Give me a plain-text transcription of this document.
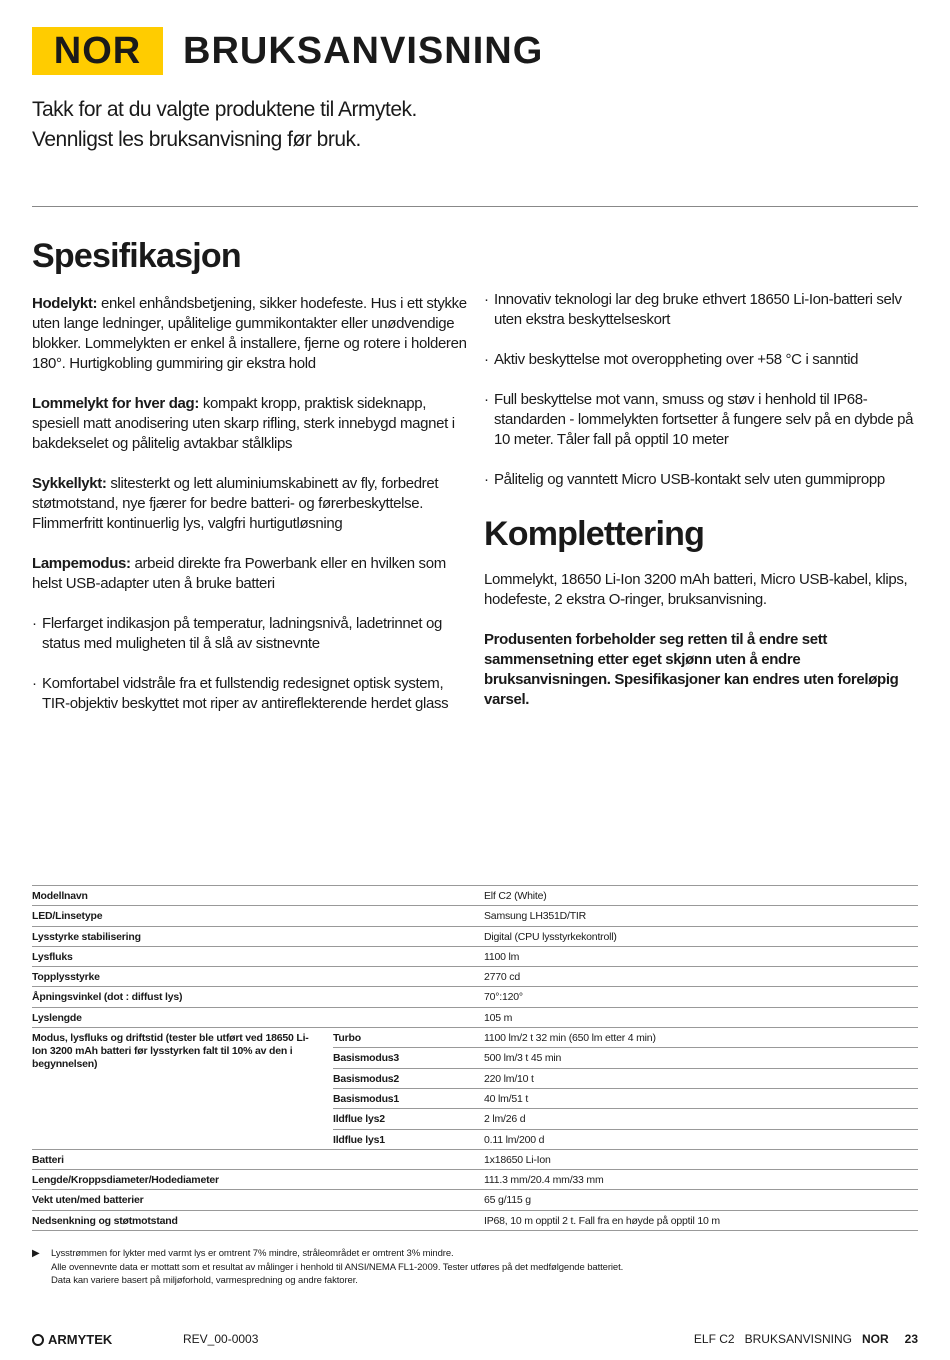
NOR	BRUKSANVISNING
Takk for at du valgte produktene til Armytek.
Vennligst les bruksanvisning før bruk.
Spesifikasjon

Hodelykt: enkel enhåndsbetjening, sikker hodefeste. Hus i ett stykke uten lange ledninger, upålitelige gummikontakter eller unødvendige blokker. Lommelykten er enkel å installere, fjerne og rotere i holderen 180°. Hurtigkobling gummiring gir ekstra hold

Lommelykt for hver dag: kompakt kropp, praktisk sideknapp, spesiell matt anodisering uten skarp rifling, sterk innebygd magnet i bakdekselet og pålitelig avtakbar stålklips

Sykkellykt: slitesterkt og lett aluminiumskabinett av fly, forbedret støtmotstand, nye fjærer for bedre batteri- og førerbeskyttelse. Flimmerfritt kontinuerlig lys, valgfri hurtigutløsning

Lampemodus: arbeid direkte fra Powerbank eller en hvilken som helst USB-adapter uten å bruke batteri

· Flerfarget indikasjon på temperatur, ladningsnivå, ladetrinnet og status med muligheten til å slå av sistnevnte

· Komfortabel vidstråle fra et fullstendig redesignet optisk system, TIR-objektiv beskyttet mot riper av antireflekterende herdet glass

· Innovativ teknologi lar deg bruke ethvert 18650 Li-Ion-batteri selv uten ekstra beskyttelseskort

· Aktiv beskyttelse mot overoppheting over +58 °C i sanntid

· Full beskyttelse mot vann, smuss og støv i henhold til IP68-standarden - lommelykten fortsetter å fungere selv på en dybde på 10 meter. Tåler fall på opptil 10 meter

· Pålitelig og vanntett Micro USB-kontakt selv uten gummipropp

Komplettering

Lommelykt, 18650 Li-Ion 3200 mAh batteri, Micro USB-kabel, klips, hodefeste, 2 ekstra O-ringer, bruksanvisning.

Produsenten forbeholder seg retten til å endre sett sammensetning etter eget skjønn uten å endre bruksanvisningen. Spesifikasjoner kan endres uten foreløpig varsel.

Modellnavn		Elf C2 (White)
LED/Linsetype		Samsung LH351D/TIR
Lysstyrke stabilisering		Digital (CPU lysstyrkekontroll)
Lysfluks		1100 lm
Topplysstyrke		2770 cd
Åpningsvinkel (dot : diffust lys)		70°:120°
Lyslengde		105 m
Modus, lysfluks og driftstid (tester ble utført ved 18650 Li-Ion 3200 mAh batteri før lysstyrken falt til 10% av den i begynnelsen)	Turbo	1100 lm/2 t 32 min (650 lm etter 4 min)
	Basismodus3	500 lm/3 t 45 min
	Basismodus2	220 lm/10 t
	Basismodus1	40 lm/51 t
	Ildflue lys2	2 lm/26 d
	Ildflue lys1	0.11 lm/200 d
Batteri		1x18650 Li-Ion
Lengde/Kroppsdiameter/Hodediameter		111.3 mm/20.4 mm/33 mm
Vekt uten/med batterier		65 g/115 g
Nedsenkning og støtmotstand		IP68, 10 m opptil 2 t. Fall fra en høyde på opptil 10 m
▶	Lysstrømmen for lykter med varmt lys er omtrent 7% mindre, stråleområdet er omtrent 3% mindre.
Alle ovennevnte data er mottatt som et resultat av målinger i henhold til ANSI/NEMA FL1-2009. Tester utføres på det medfølgende batteriet.
Data kan variere basert på miljøforhold, varmespredning og andre faktorer.
ARMYTEK	REV_00-0003	ELF C2 BRUKSANVISNING NOR 23
